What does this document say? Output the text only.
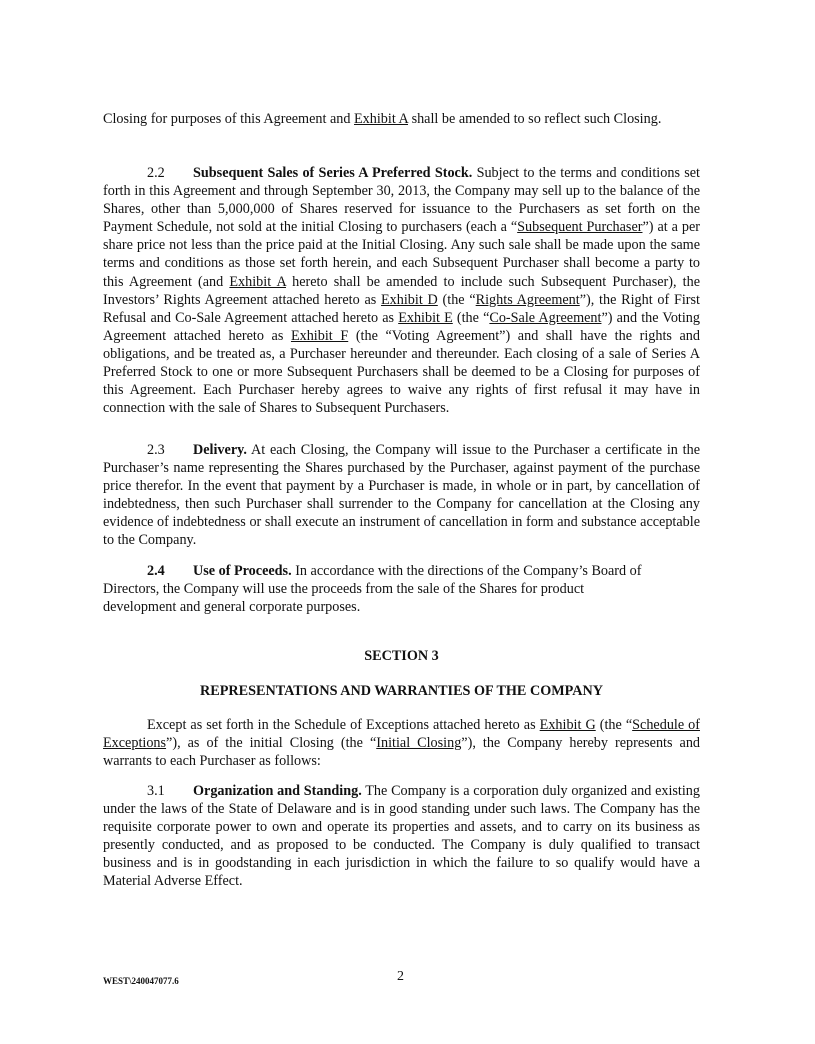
Closing for purposes of this Agreement and Exhibit A shall be amended to so reflect such Closing.

2.2 Subsequent Sales of Series A Preferred Stock. Subject to the terms and conditions set forth in this Agreement and through September 30, 2013, the Company may sell up to the balance of the Shares, other than 5,000,000 of Shares reserved for issuance to the Purchasers as set forth on the Payment Schedule, not sold at the initial Closing to purchasers (each a “Subsequent Purchaser”) at a per share price not less than the price paid at the Initial Closing. Any such sale shall be made upon the same terms and conditions as those set forth herein, and each Subsequent Purchaser shall become a party to this Agreement (and Exhibit A hereto shall be amended to include such Subsequent Purchaser), the Investors’ Rights Agreement attached hereto as Exhibit D (the “Rights Agreement”), the Right of First Refusal and Co-Sale Agreement attached hereto as Exhibit E (the “Co-Sale Agreement”) and the Voting Agreement attached hereto as Exhibit F (the “Voting Agreement”) and shall have the rights and obligations, and be treated as, a Purchaser hereunder and thereunder. Each closing of a sale of Series A Preferred Stock to one or more Subsequent Purchasers shall be deemed to be a Closing for purposes of this Agreement. Each Purchaser hereby agrees to waive any rights of first refusal it may have in connection with the sale of Shares to Subsequent Purchasers.

2.3 Delivery. At each Closing, the Company will issue to the Purchaser a certificate in the Purchaser’s name representing the Shares purchased by the Purchaser, against payment of the purchase price therefor. In the event that payment by a Purchaser is made, in whole or in part, by cancellation of indebtedness, then such Purchaser shall surrender to the Company for cancellation at the Closing any evidence of indebtedness or shall execute an instrument of cancellation in form and substance acceptable to the Company.

2.4 Use of Proceeds. In accordance with the directions of the Company’s Board of Directors, the Company will use the proceeds from the sale of the Shares for product development and general corporate purposes.

SECTION 3

REPRESENTATIONS AND WARRANTIES OF THE COMPANY

Except as set forth in the Schedule of Exceptions attached hereto as Exhibit G (the “Schedule of Exceptions”), as of the initial Closing (the “Initial Closing”), the Company hereby represents and warrants to each Purchaser as follows:

3.1 Organization and Standing. The Company is a corporation duly organized and existing under the laws of the State of Delaware and is in good standing under such laws. The Company has the requisite corporate power to own and operate its properties and assets, and to carry on its business as presently conducted, and as proposed to be conducted. The Company is duly qualified to transact business and is in goodstanding in each jurisdiction in which the failure to so qualify would have a Material Adverse Effect.

WEST\240047077.6	2
